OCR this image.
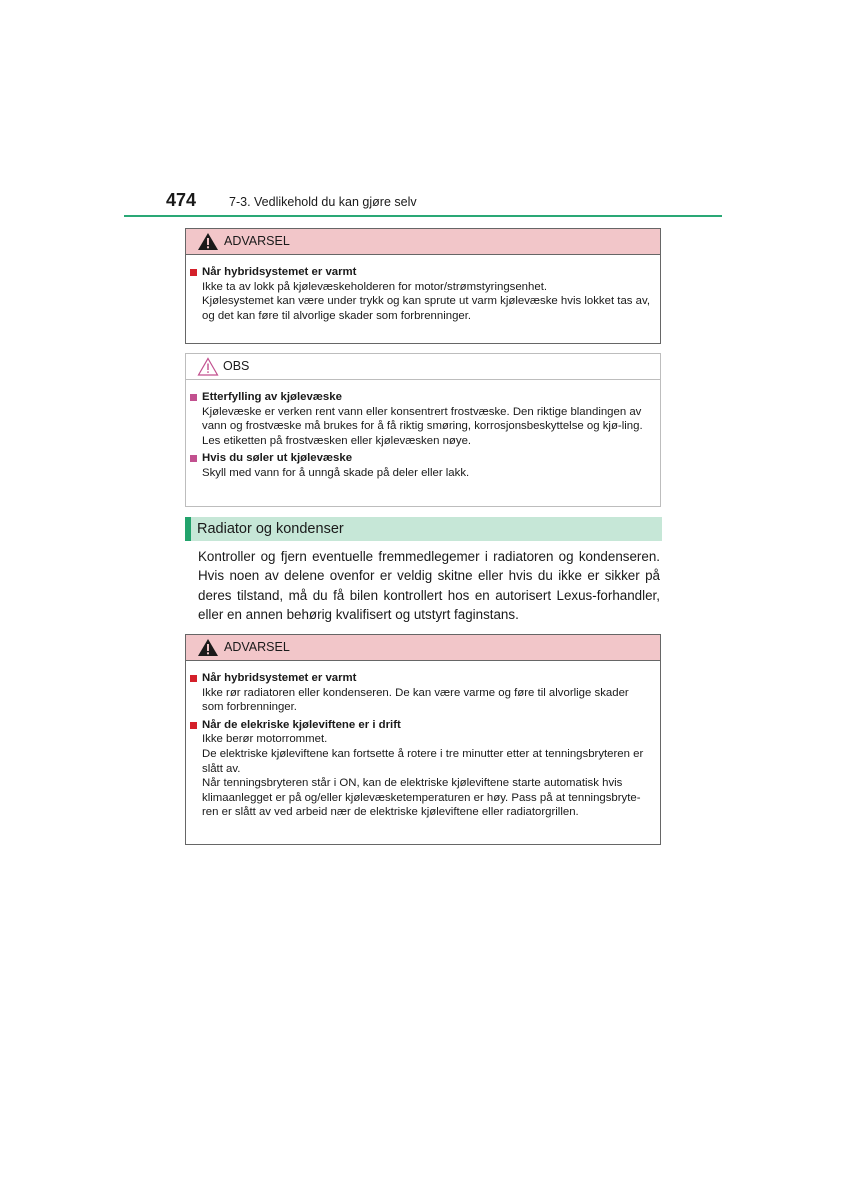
474	7-3. Vedlikehold du kan gjøre selv
ADVARSEL
Når hybridsystemet er varmt
Ikke ta av lokk på kjølevæskeholderen for motor/strømstyringsenhet.
Kjølesystemet kan være under trykk og kan sprute ut varm kjølevæske hvis lokket tas av, og det kan føre til alvorlige skader som forbrenninger.
OBS
Etterfylling av kjølevæske
Kjølevæske er verken rent vann eller konsentrert frostvæske. Den riktige blandingen av vann og frostvæske må brukes for å få riktig smøring, korrosjonsbeskyttelse og kjø-ling. Les etiketten på frostvæsken eller kjølevæsken nøye.
Hvis du søler ut kjølevæske
Skyll med vann for å unngå skade på deler eller lakk.
Radiator og kondenser
Kontroller og fjern eventuelle fremmedlegemer i radiatoren og kondenseren. Hvis noen av delene ovenfor er veldig skitne eller hvis du ikke er sikker på deres tilstand, må du få bilen kontrollert hos en autorisert Lexus-forhandler, eller en annen behørig kvalifisert og utstyrt faginstans.
ADVARSEL
Når hybridsystemet er varmt
Ikke rør radiatoren eller kondenseren. De kan være varme og føre til alvorlige skader som forbrenninger.
Når de elekriske kjøleviftene er i drift
Ikke berør motorrommet.
De elektriske kjøleviftene kan fortsette å rotere i tre minutter etter at tenningsbryteren er slått av.
Når tenningsbryteren står i ON, kan de elektriske kjøleviftene starte automatisk hvis klimaanlegget er på og/eller kjølevæsketemperaturen er høy. Pass på at tenningsbryte-ren er slått av ved arbeid nær de elektriske kjøleviftene eller radiatorgrillen.
